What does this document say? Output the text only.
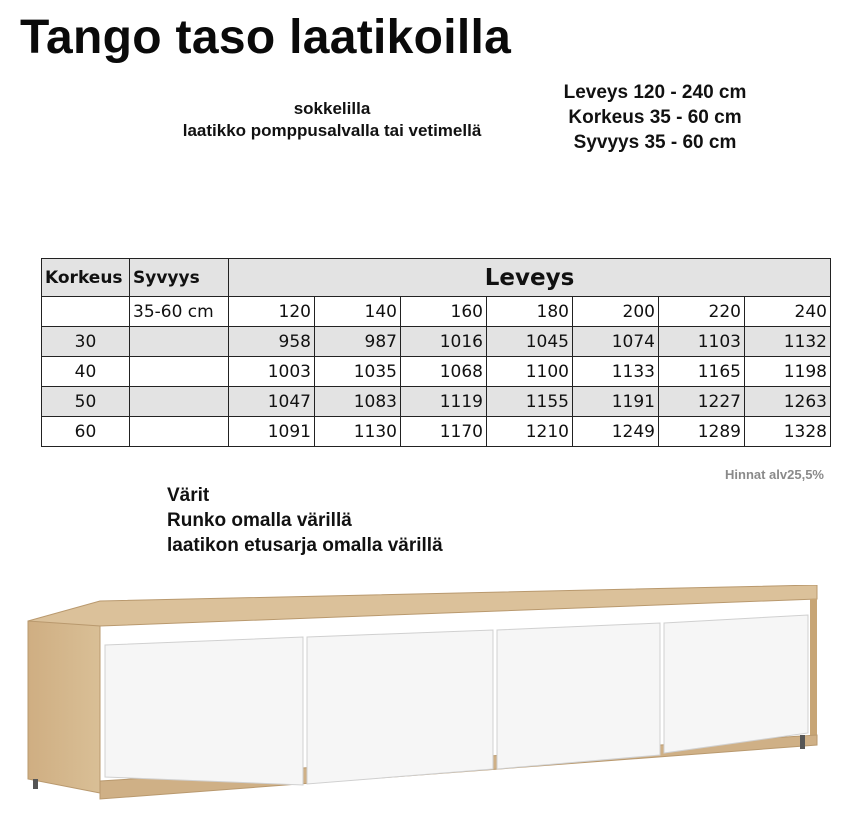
Tango taso laatikoilla
sokkelilla
laatikko pomppusalvalla tai vetimellä
Leveys 120 - 240 cm
Korkeus 35 - 60 cm
Syvyys 35 - 60 cm
Korkeus	Syvyys	Leveys						
	35-60 cm	120	140	160	180	200	220	240
30		958	987	1016	1045	1074	1103	1132
40		1003	1035	1068	1100	1133	1165	1198
50		1047	1083	1119	1155	1191	1227	1263
60		1091	1130	1170	1210	1249	1289	1328
Hinnat alv25,5%
Värit
Runko omalla värillä
laatikon etusarja omalla värillä
